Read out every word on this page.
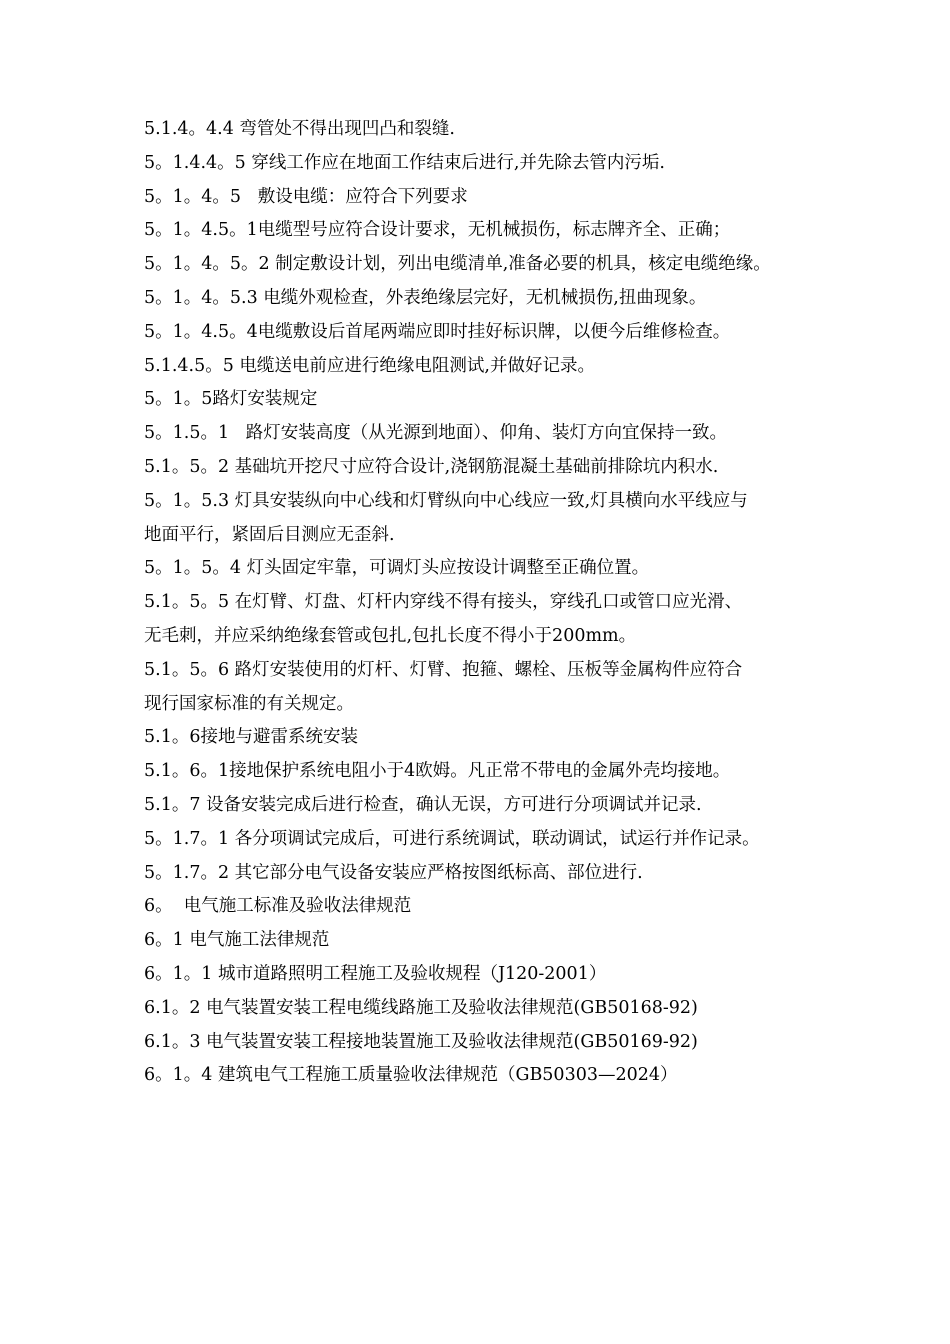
5.1.4。4.4 弯管处不得出现凹凸和裂缝.
5。1.4.4。5 穿线工作应在地面工作结束后进行,并先除去管内污垢.
5。1。4。5   敷设电缆：应符合下列要求
5。1。4.5。1电缆型号应符合设计要求，无机械损伤，标志牌齐全、正确；
5。1。4。5。2 制定敷设计划，列出电缆清单,准备必要的机具，核定电缆绝缘。
5。1。4。5.3 电缆外观检查，外表绝缘层完好，无机械损伤,扭曲现象。
5。1。4.5。4电缆敷设后首尾两端应即时挂好标识牌，以便今后维修检查。
5.1.4.5。5 电缆送电前应进行绝缘电阻测试,并做好记录。
5。1。5路灯安装规定
5。1.5。1   路灯安装高度（从光源到地面）、仰角、装灯方向宜保持一致。
5.1。5。2 基础坑开挖尺寸应符合设计,浇钢筋混凝土基础前排除坑内积水.
5。1。5.3 灯具安装纵向中心线和灯臂纵向中心线应一致,灯具横向水平线应与
地面平行，紧固后目测应无歪斜.
5。1。5。4 灯头固定牢靠，可调灯头应按设计调整至正确位置。
5.1。5。5 在灯臂、灯盘、灯杆内穿线不得有接头，穿线孔口或管口应光滑、
无毛刺，并应采纳绝缘套管或包扎,包扎长度不得小于200mm。
5.1。5。6 路灯安装使用的灯杆、灯臂、抱箍、螺栓、压板等金属构件应符合
现行国家标准的有关规定。
5.1。6接地与避雷系统安装
5.1。6。1接地保护系统电阻小于4欧姆。凡正常不带电的金属外壳均接地。
5.1。7 设备安装完成后进行检查，确认无误，方可进行分项调试并记录.
5。1.7。1 各分项调试完成后，可进行系统调试，联动调试，试运行并作记录。
5。1.7。2 其它部分电气设备安装应严格按图纸标高、部位进行.
6。  电气施工标准及验收法律规范
6。1 电气施工法律规范
6。1。1 城市道路照明工程施工及验收规程（J120-2001）
6.1。2 电气装置安装工程电缆线路施工及验收法律规范(GB50168-92)
6.1。3 电气装置安装工程接地装置施工及验收法律规范(GB50169-92)
6。1。4 建筑电气工程施工质量验收法律规范（GB50303—2024）
